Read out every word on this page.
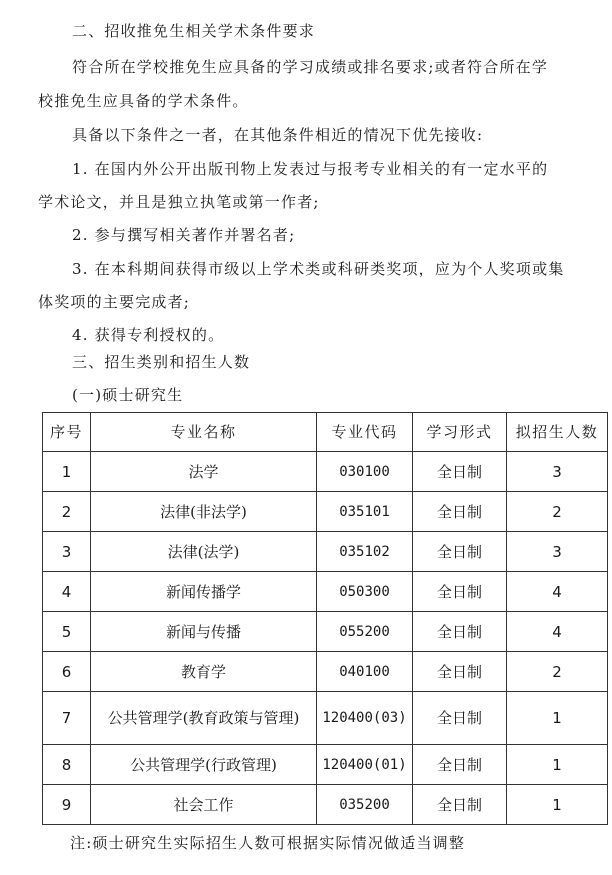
二、招收推免生相关学术条件要求
符合所在学校推免生应具备的学习成绩或排名要求;或者符合所在学
校推免生应具备的学术条件。
具备以下条件之一者，在其他条件相近的情况下优先接收:
1. 在国内外公开出版刊物上发表过与报考专业相关的有一定水平的
学术论文，并且是独立执笔或第一作者;
2. 参与撰写相关著作并署名者;
3. 在本科期间获得市级以上学术类或科研类奖项，应为个人奖项或集
体奖项的主要完成者;
4. 获得专利授权的。
三、招生类别和招生人数
(一)硕士研究生
序号	专业名称	专业代码	学习形式	拟招生人数
1	法学	030100	全日制	3
2	法律(非法学)	035101	全日制	2
3	法律(法学)	035102	全日制	3
4	新闻传播学	050300	全日制	4
5	新闻与传播	055200	全日制	4
6	教育学	040100	全日制	2
7	公共管理学(教育政策与管理)	120400(03)	全日制	1
8	公共管理学(行政管理)	120400(01)	全日制	1
9	社会工作	035200	全日制	1
注:硕士研究生实际招生人数可根据实际情况做适当调整
